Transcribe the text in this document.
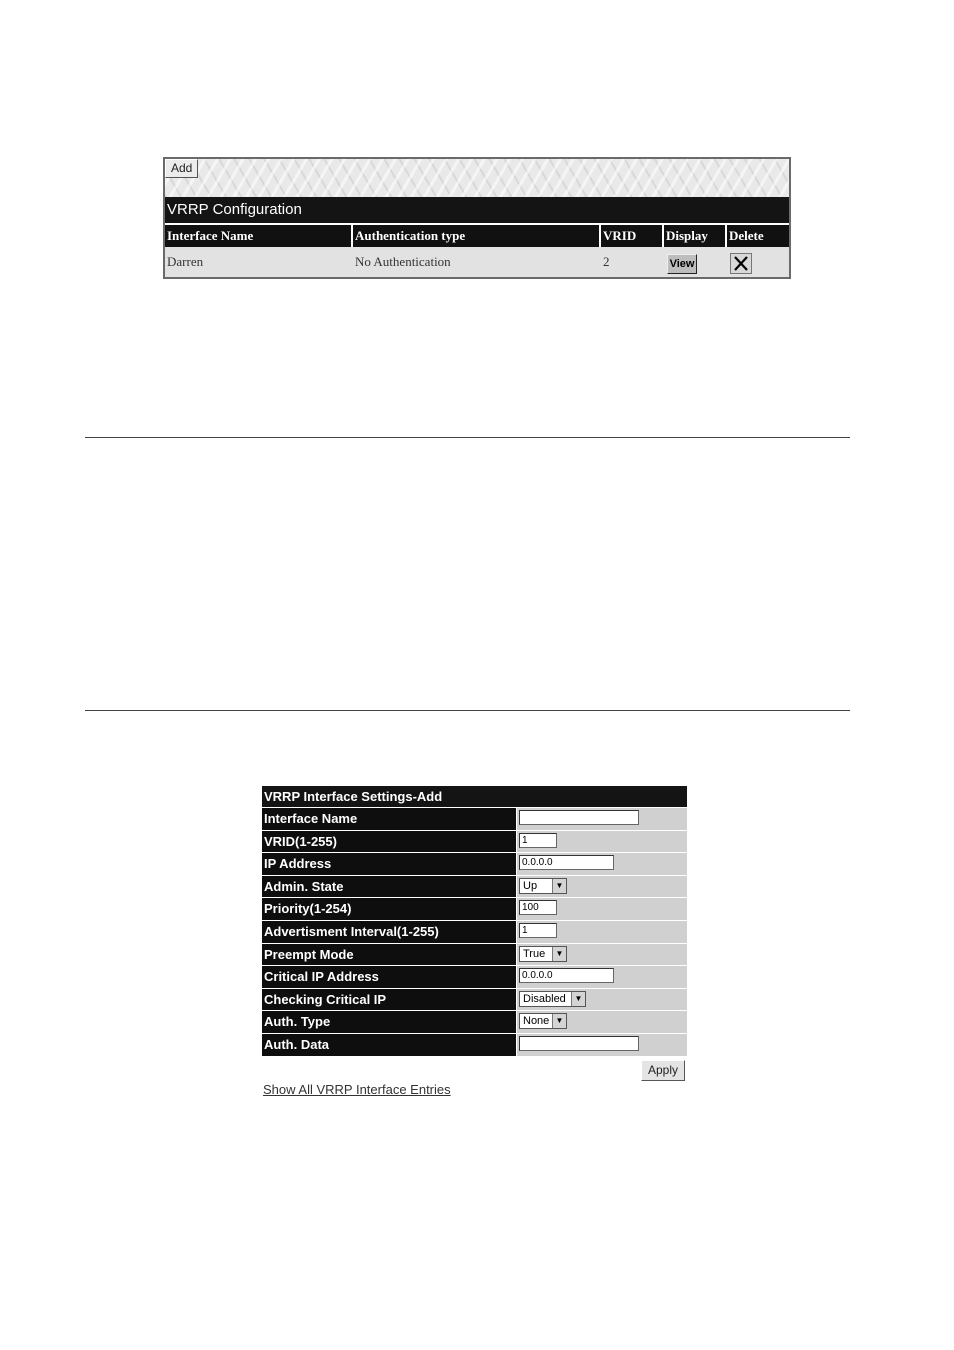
Add
VRRP Configuration
Interface Name	Authentication type	VRID	Display	Delete
Darren	No Authentication	2	View
VRRP Interface Settings-Add
Interface Name
VRID(1-255)	1
IP Address	0.0.0.0
Admin. State	Up	▼
Priority(1-254)	100
Advertisment Interval(1-255)	1
Preempt Mode	True	▼
Critical IP Address	0.0.0.0
Checking Critical IP	Disabled	▼
Auth. Type	None ▼
Auth. Data
Apply
Show All VRRP Interface Entries
